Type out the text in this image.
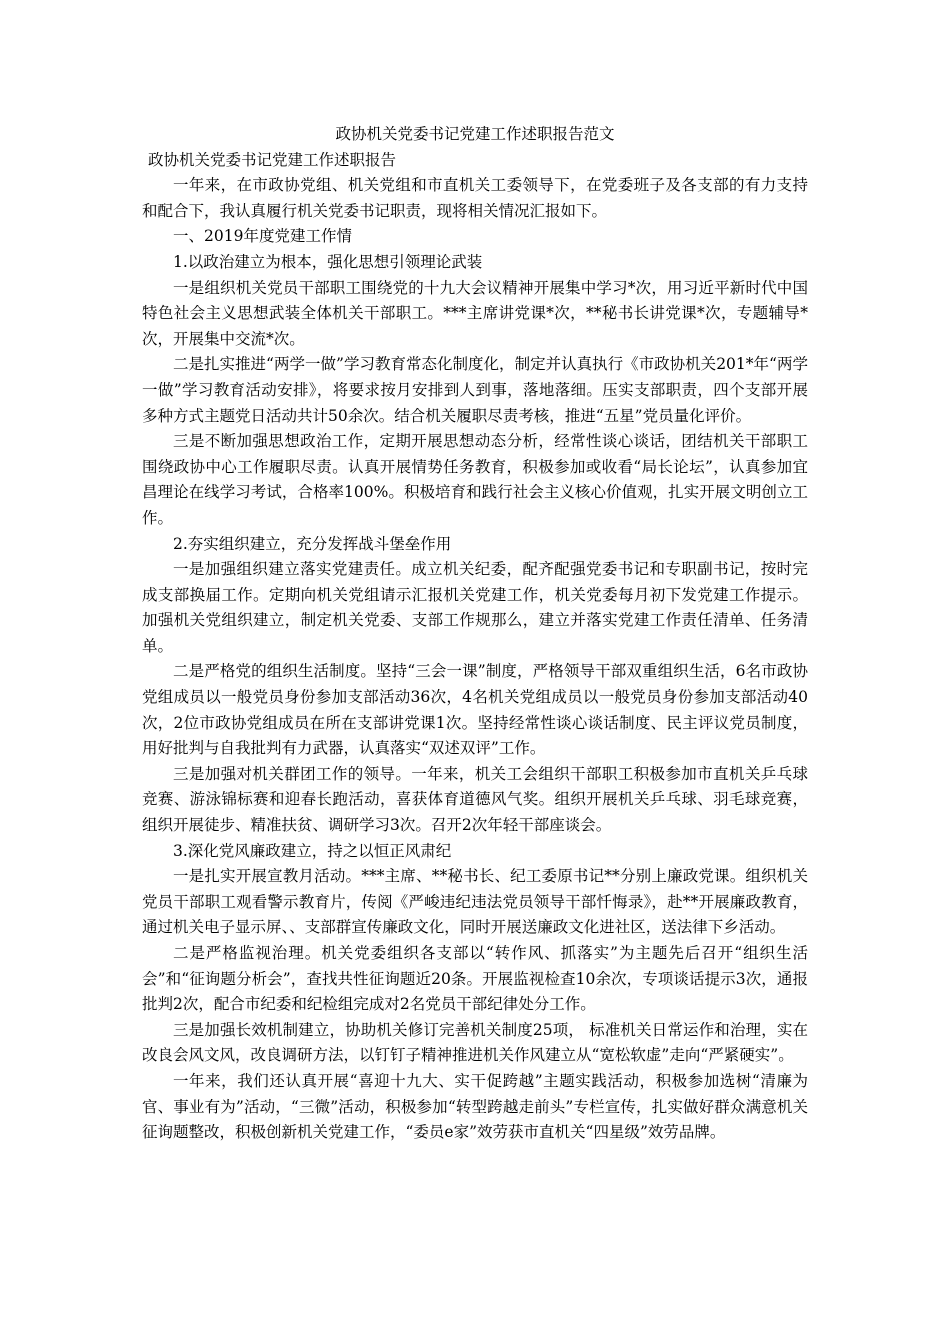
政协机关党委书记党建工作述职报告范文
政协机关党委书记党建工作述职报告

一年来，在市政协党组、机关党组和市直机关工委领导下，在党委班子及各支部的有力支持和配合下，我认真履行机关党委书记职责，现将相关情况汇报如下。

一、2019年度党建工作情

1.以政治建立为根本，强化思想引领理论武装

一是组织机关党员干部职工围绕党的十九大会议精神开展集中学习*次，用习近平新时代中国特色社会主义思想武装全体机关干部职工。***主席讲党课*次，**秘书长讲党课*次，专题辅导*次，开展集中交流*次。

二是扎实推进“两学一做”学习教育常态化制度化，制定并认真执行《市政协机关201*年“两学一做”学习教育活动安排》，将要求按月安排到人到事，落地落细。压实支部职责，四个支部开展多种方式主题党日活动共计50余次。结合机关履职尽责考核，推进“五星”党员量化评价。

三是不断加强思想政治工作，定期开展思想动态分析，经常性谈心谈话，团结机关干部职工围绕政协中心工作履职尽责。认真开展情势任务教育，积极参加或收看“局长论坛”，认真参加宜昌理论在线学习考试，合格率100%。积极培育和践行社会主义核心价值观，扎实开展文明创立工作。

2.夯实组织建立，充分发挥战斗堡垒作用

一是加强组织建立落实党建责任。成立机关纪委，配齐配强党委书记和专职副书记，按时完成支部换届工作。定期向机关党组请示汇报机关党建工作，机关党委每月初下发党建工作提示。加强机关党组织建立，制定机关党委、支部工作规那么，建立并落实党建工作责任清单、任务清单。

二是严格党的组织生活制度。坚持“三会一课”制度，严格领导干部双重组织生活，6名市政协党组成员以一般党员身份参加支部活动36次，4名机关党组成员以一般党员身份参加支部活动40次，2位市政协党组成员在所在支部讲党课1次。坚持经常性谈心谈话制度、民主评议党员制度，用好批判与自我批判有力武器，认真落实“双述双评”工作。

三是加强对机关群团工作的领导。一年来，机关工会组织干部职工积极参加市直机关乒乓球竞赛、游泳锦标赛和迎春长跑活动，喜获体育道德风气奖。组织开展机关乒乓球、羽毛球竞赛，组织开展徒步、精准扶贫、调研学习3次。召开2次年轻干部座谈会。

3.深化党风廉政建立，持之以恒正风肃纪

一是扎实开展宣教月活动。***主席、**秘书长、纪工委原书记**分别上廉政党课。组织机关党员干部职工观看警示教育片，传阅《严峻违纪违法党员领导干部忏悔录》，赴**开展廉政教育，通过机关电子显示屏、、支部群宣传廉政文化，同时开展送廉政文化进社区，送法律下乡活动。

二是严格监视治理。机关党委组织各支部以“转作风、抓落实”为主题先后召开“组织生活会”和“征询题分析会”，查找共性征询题近20条。开展监视检查10余次，专项谈话提示3次，通报批判2次，配合市纪委和纪检组完成对2名党员干部纪律处分工作。

三是加强长效机制建立，协助机关修订完善机关制度25项， 标准机关日常运作和治理，实在改良会风文风，改良调研方法，以钉钉子精神推进机关作风建立从“宽松软虚”走向“严紧硬实”。

一年来，我们还认真开展“喜迎十九大、实干促跨越”主题实践活动，积极参加选树“清廉为官、事业有为”活动，“三微”活动，积极参加“转型跨越走前头”专栏宣传，扎实做好群众满意机关征询题整改，积极创新机关党建工作，“委员e家”效劳获市直机关“四星级”效劳品牌。
